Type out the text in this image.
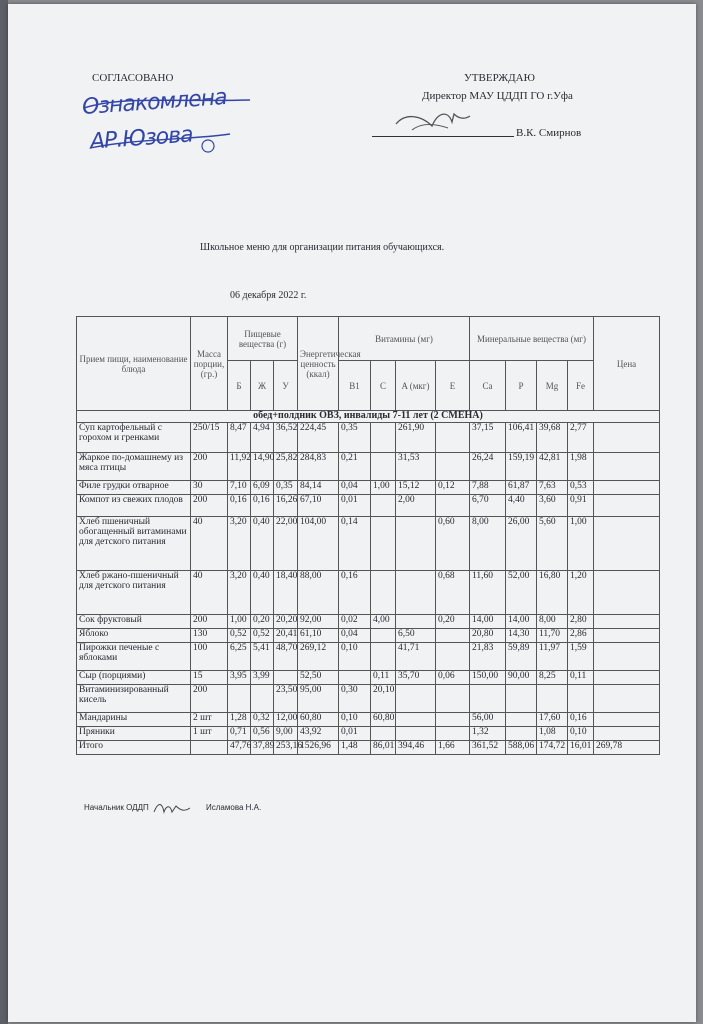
СОГЛАСОВАНО
Ознакомлена
АР.Юзова
УТВЕРЖДАЮ
Директор МАУ ЦДДП ГО г.Уфа
В.К. Смирнов
Школьное меню для организации питания обучающихся.
06 декабря 2022 г.
Прием пищи, наименование блюда	Масса порции, (гр.)	Пищевые вещества (г)			Энергетическая ценность (ккал)	Витамины (мг)				Минеральные вещества (мг)				Цена
		Б	Ж	У		B1	C	A (мкг)	E	Ca	P	Mg	Fe	
обед+полдник ОВЗ, инвалиды 7-11 лет (2 СМЕНА)														
Суп картофельный с горохом и гренками	250/15	8,47	4,94	36,52	224,45	0,35		261,90		37,15	106,41	39,68	2,77	
Жаркое по-домашнему из мяса птицы	200	11,92	14,90	25,82	284,83	0,21		31,53		26,24	159,19	42,81	1,98	
Филе грудки отварное	30	7,10	6,09	0,35	84,14	0,04	1,00	15,12	0,12	7,88	61,87	7,63	0,53	
Компот из свежих плодов	200	0,16	0,16	16,26	67,10	0,01		2,00		6,70	4,40	3,60	0,91	
Хлеб пшеничный обогащенный витаминами для детского питания	40	3,20	0,40	22,00	104,00	0,14			0,60	8,00	26,00	5,60	1,00	
Хлеб ржано-пшеничный для детского питания	40	3,20	0,40	18,40	88,00	0,16			0,68	11,60	52,00	16,80	1,20	
Сок фруктовый	200	1,00	0,20	20,20	92,00	0,02	4,00		0,20	14,00	14,00	8,00	2,80	
Яблоко	130	0,52	0,52	20,41	61,10	0,04		6,50		20,80	14,30	11,70	2,86	
Пирожки печеные с яблоками	100	6,25	5,41	48,70	269,12	0,10		41,71		21,83	59,89	11,97	1,59	
Сыр (порциями)	15	3,95	3,99		52,50		0,11	35,70	0,06	150,00	90,00	8,25	0,11	
Витаминизированный кисель	200			23,50	95,00	0,30	20,10							
Мандарины	2 шт	1,28	0,32	12,00	60,80	0,10	60,80			56,00		17,60	0,16	
Пряники	1 шт	0,71	0,56	9,00	43,92	0,01				1,32		1,08	0,10	
Итого		47,76	37,89	253,16	1526,96	1,48	86,01	394,46	1,66	361,52	588,06	174,72	16,01	269,78
Начальник ОДДП	Исламова Н.А.
